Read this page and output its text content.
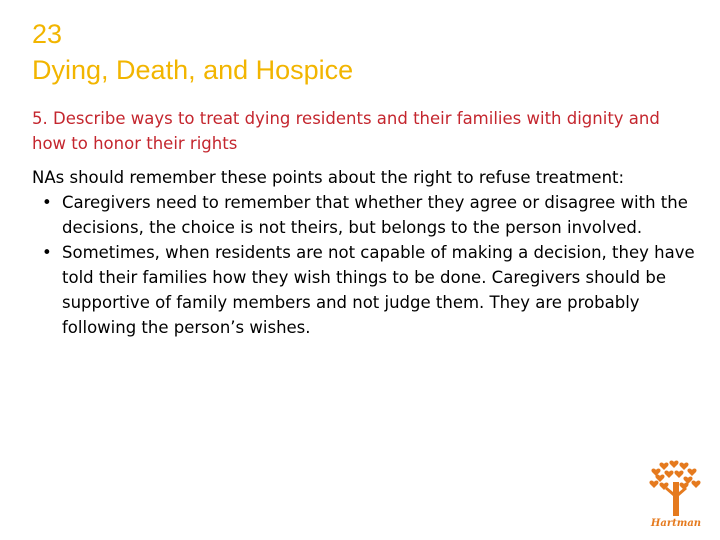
23
Dying, Death, and Hospice
5. Describe ways to treat dying residents and their families with dignity and how to honor their rights

NAs should remember these points about the right to refuse treatment:

• Caregivers need to remember that whether they agree or disagree with the decisions, the choice is not theirs, but belongs to the person involved.
• Sometimes, when residents are not capable of making a decision, they have told their families how they wish things to be done. Caregivers should be supportive of family members and not judge them. They are probably following the person’s wishes.
Hartman
